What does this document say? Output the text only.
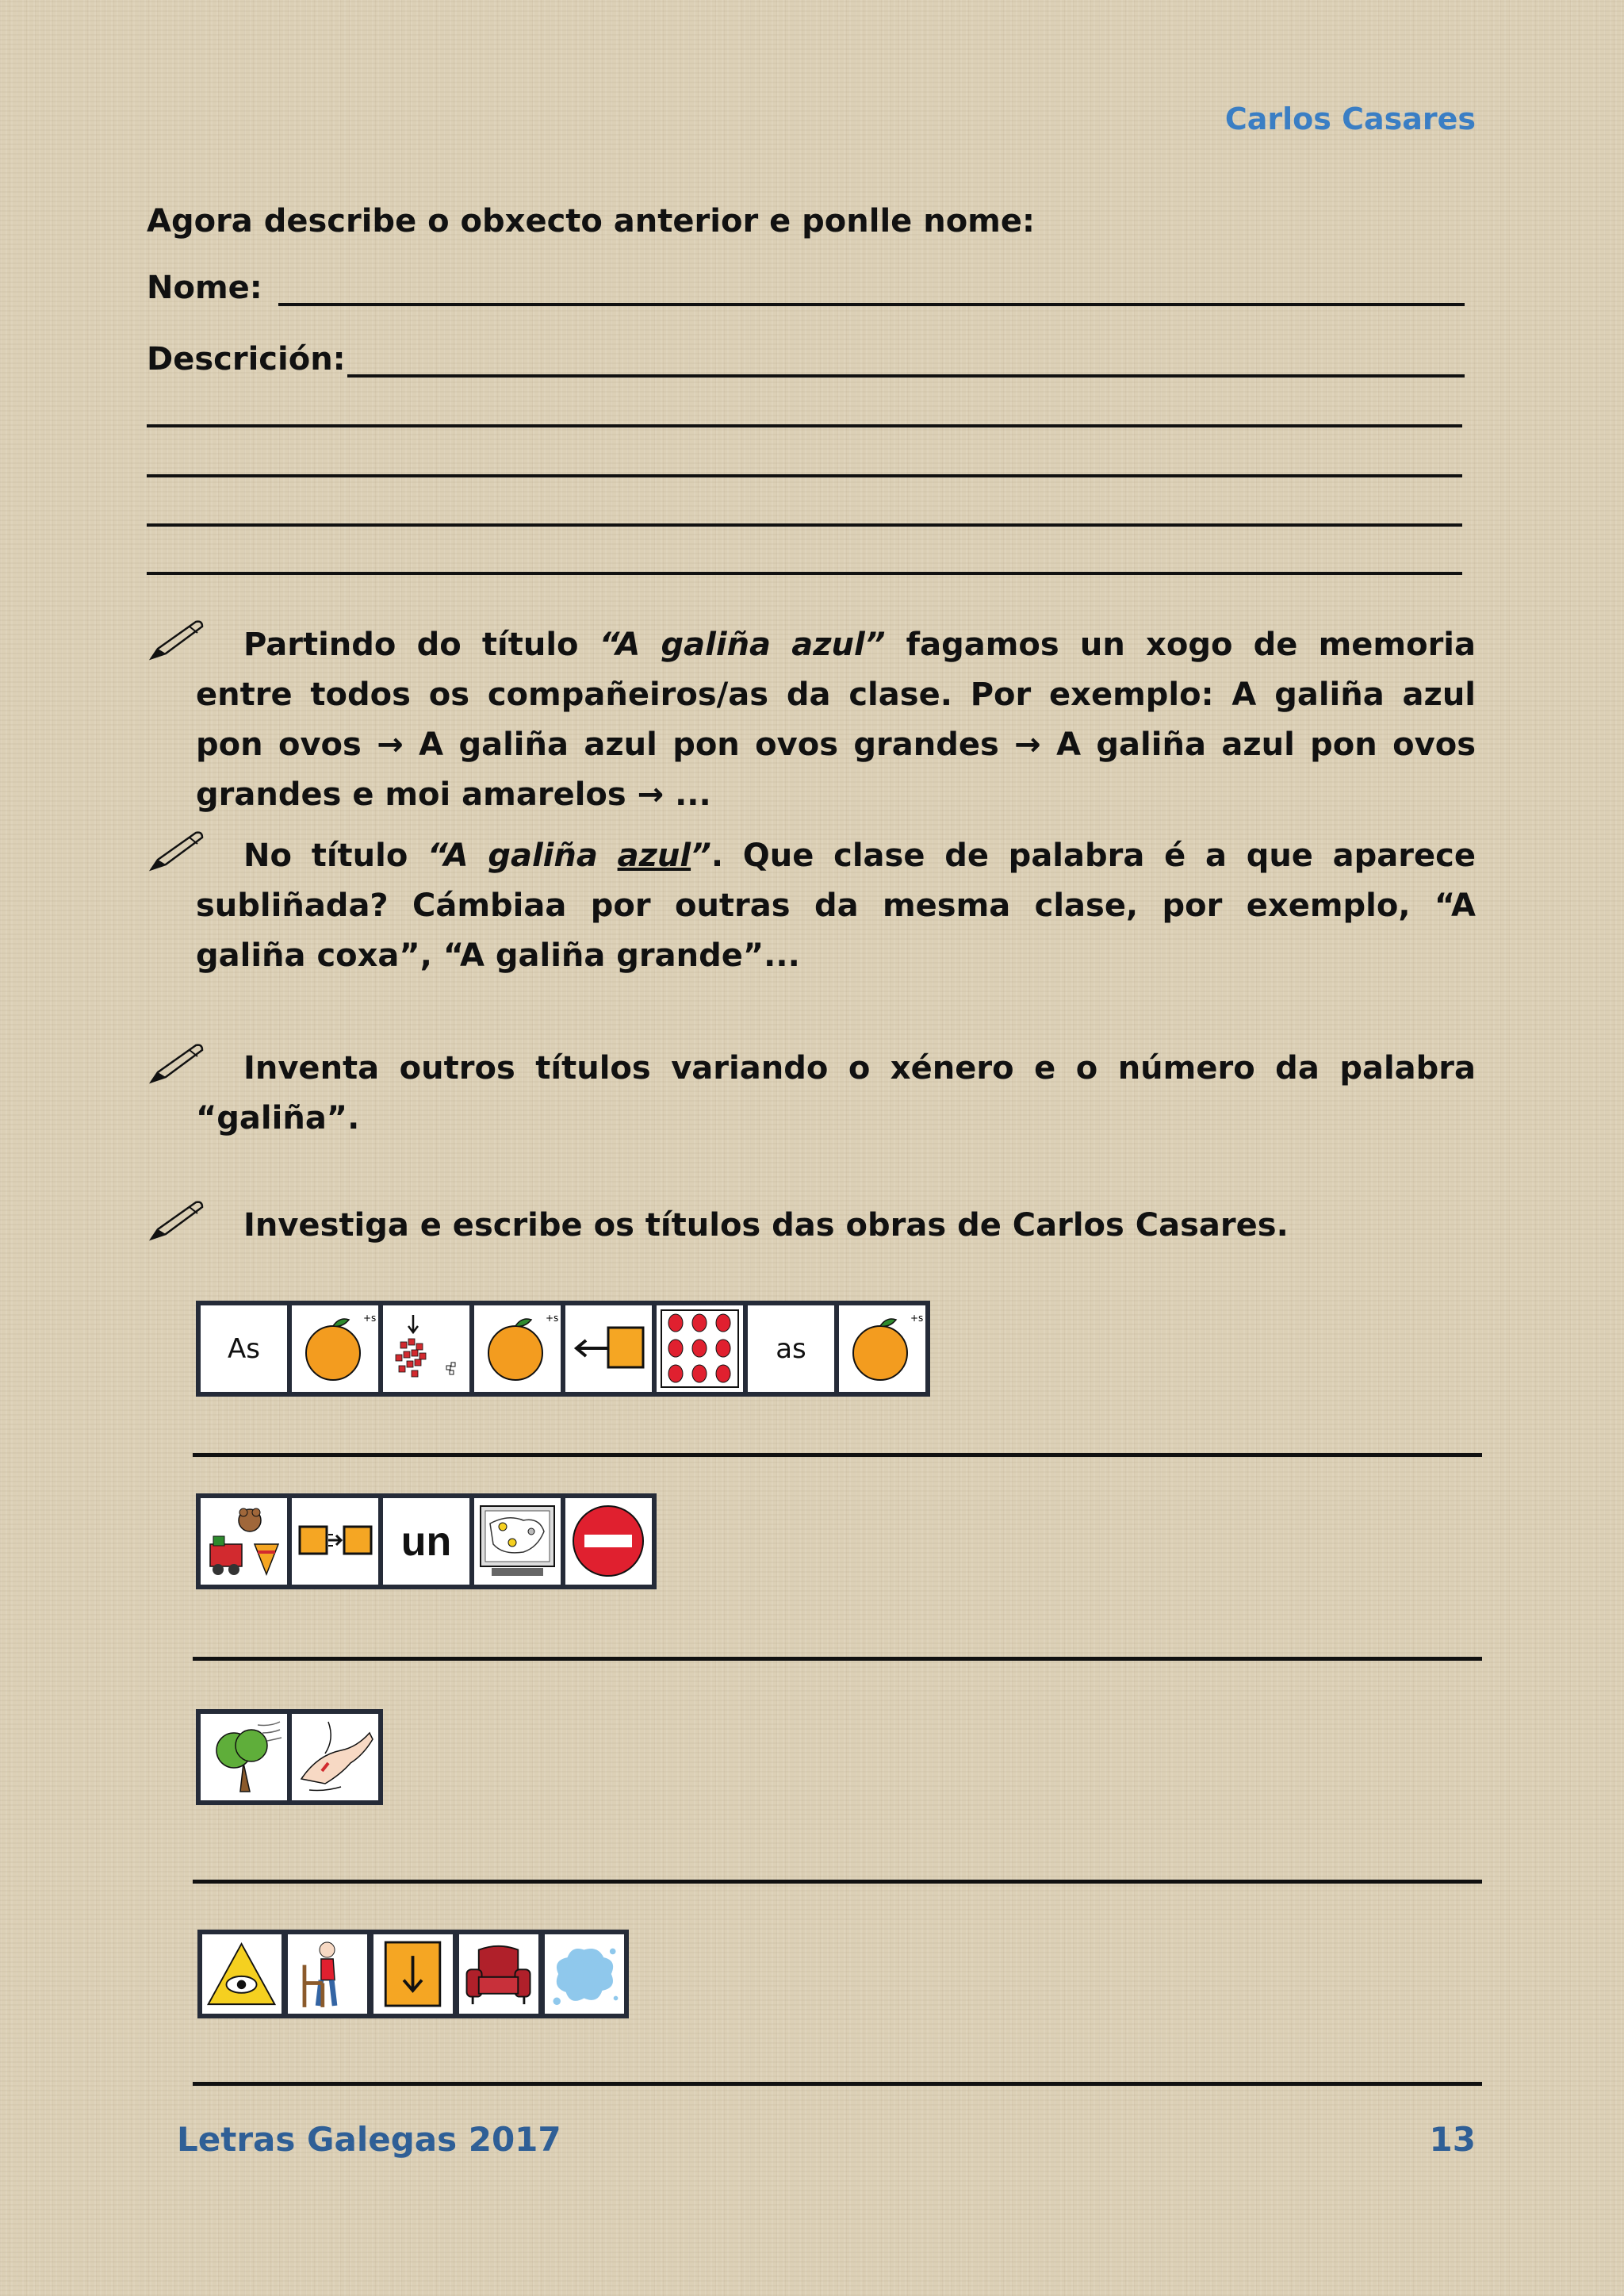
Carlos Casares
Agora describe o obxecto anterior e ponlle nome:
Nome:
Descrición:

Partindo do título “A galiña azul” fagamos un xogo de memoria entre todos os compañeiros/as da clase. Por exemplo: A galiña azul pon ovos → A galiña azul pon ovos grandes → A galiña azul pon ovos grandes e moi amarelos → ...

No título “A galiña azul”. Que clase de palabra é a que aparece subliñada? Cámbiaa por outras da mesma clase, por exemplo, “A galiña coxa”, “A galiña grande”...

Inventa outros títulos variando o xénero e o número da palabra “galiña”.

Investiga e escribe os títulos das obras de Carlos Casares.

As
+s	+s
as
+s
un
Letras Galegas 2017	13
